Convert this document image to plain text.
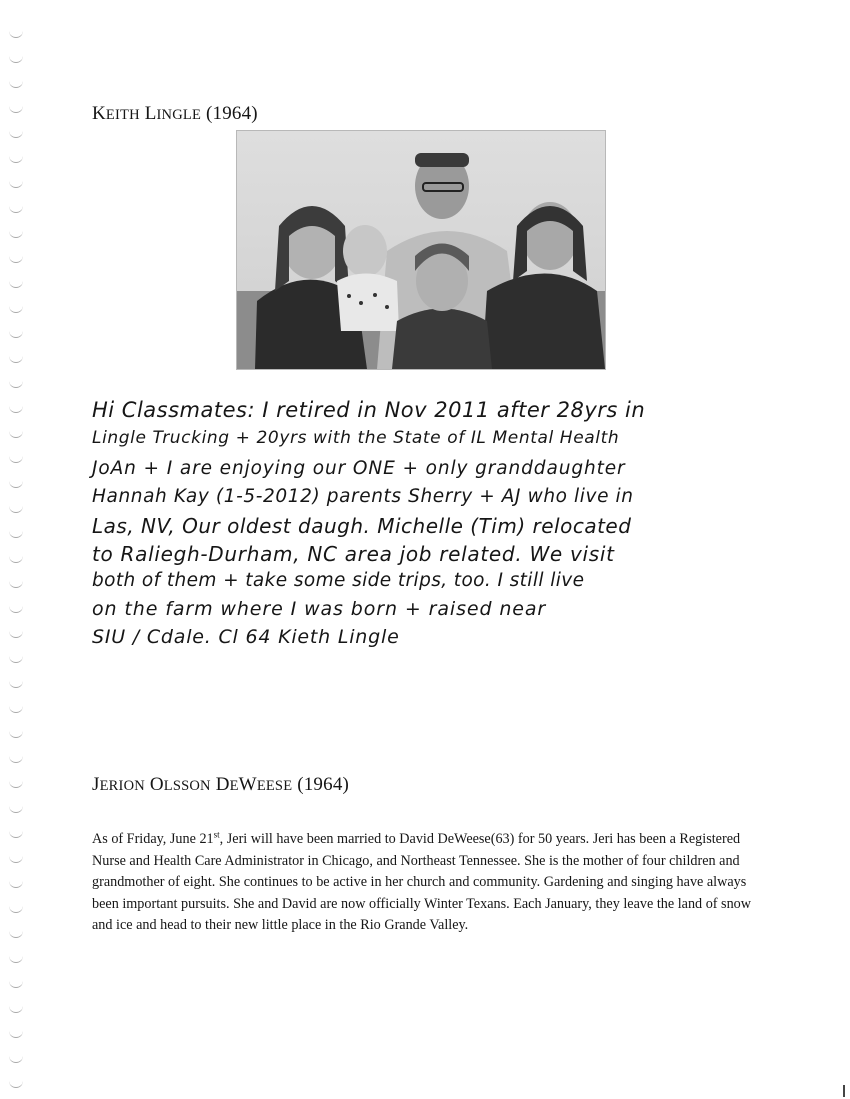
KEITH LINGLE (1964)

Hi Classmates: I retired in Nov 2011 after 28yrs in
Lingle Trucking + 20yrs with the State of IL Mental Health
JoAn + I are enjoying our ONE + only granddaughter
Hannah Kay (1-5-2012) parents Sherry + AJ who live in
Las, NV, Our oldest daugh. Michelle (Tim) relocated
to Raliegh-Durham, NC area job related. We visit
both of them + take some side trips, too. I still live
on the farm where I was born + raised near
SIU / Cdale. Cl 64 Kieth Lingle
JERION OLSSON DEWEESE (1964)

As of Friday, June 21st, Jeri will have been married to David DeWeese(63) for 50 years. Jeri has been a Registered Nurse and Health Care Administrator in Chicago, and Northeast Tennessee. She is the mother of four children and grandmother of eight. She continues to be active in her church and community. Gardening and singing have always been important pursuits. She and David are now officially Winter Texans. Each January, they leave the land of snow and ice and head to their new little place in the Rio Grande Valley.
